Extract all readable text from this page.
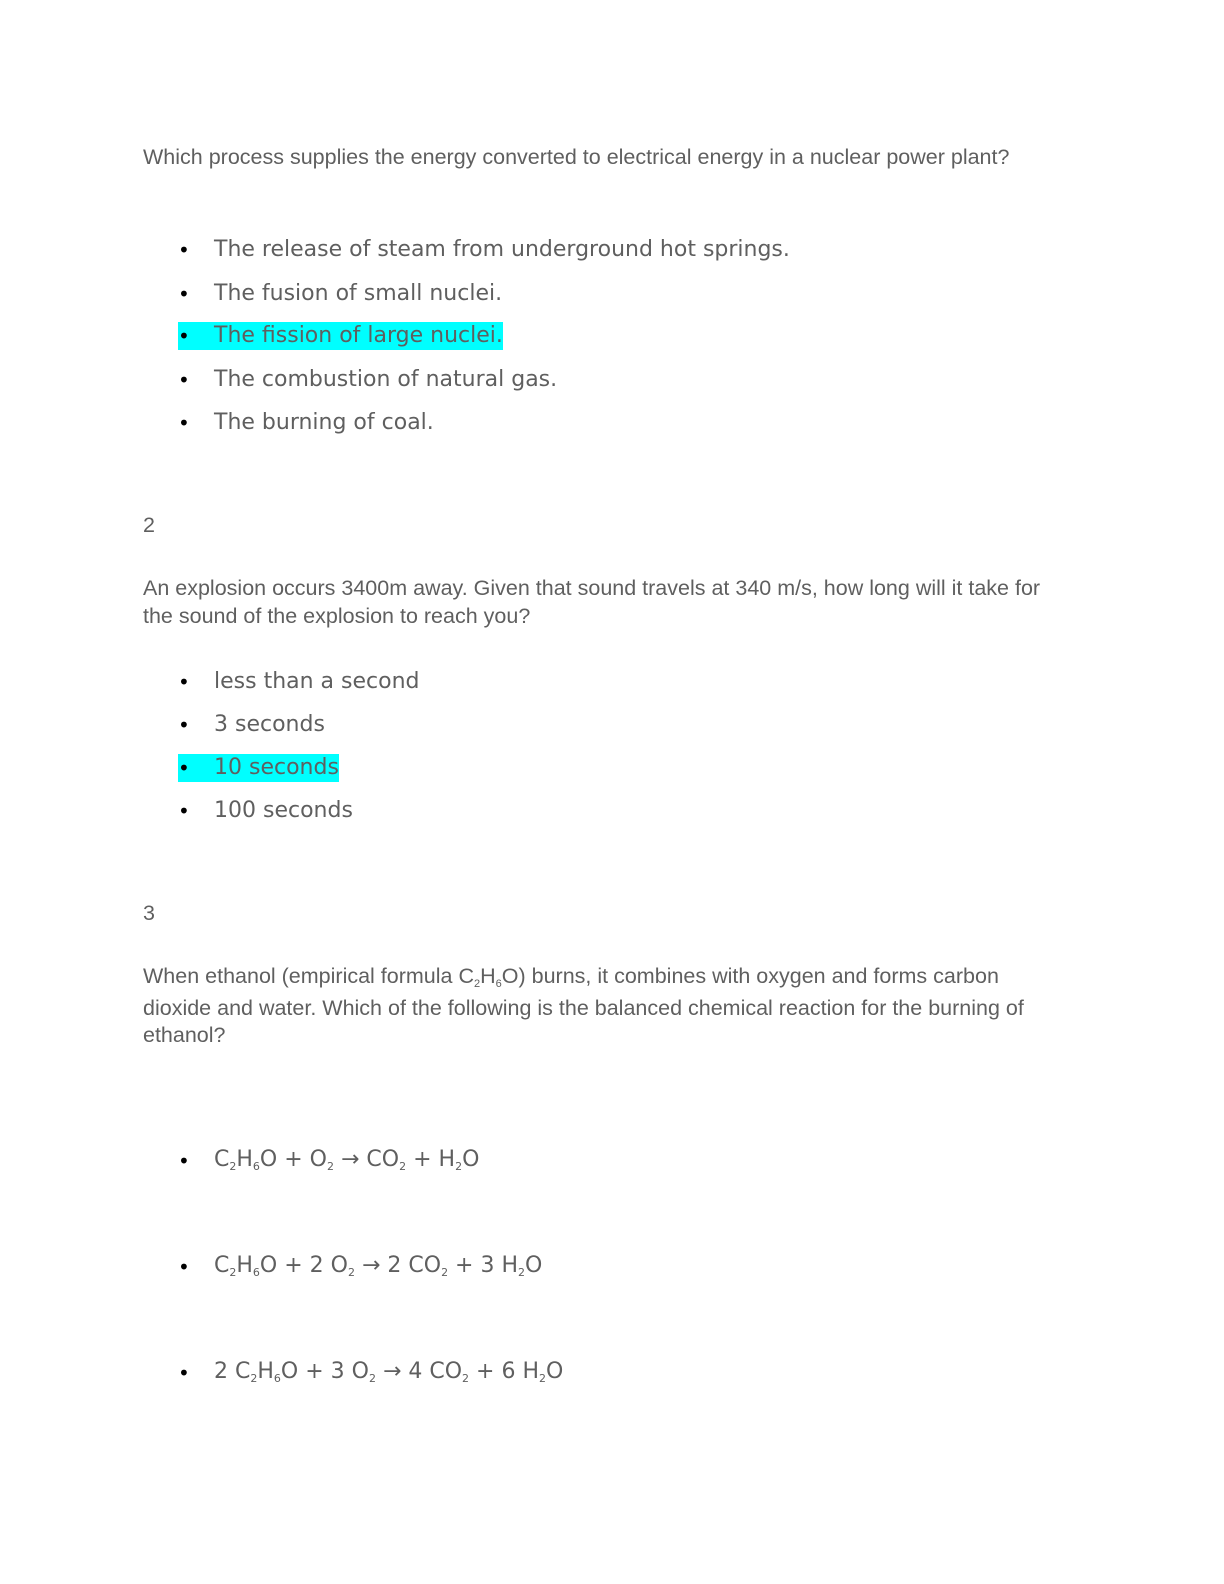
Which process supplies the energy converted to electrical energy in a nuclear power plant?

•	The release of steam from underground hot springs.
•	The fusion of small nuclei.
•	The fission of large nuclei.
•	The combustion of natural gas.
•	The burning of coal.
2

An explosion occurs 3400m away. Given that sound travels at 340 m/s, how long will it take for the sound of the explosion to reach you?

•	less than a second
•	3 seconds
•	10 seconds
•	100 seconds
3

When ethanol (empirical formula C2H6O) burns, it combines with oxygen and forms carbon dioxide and water. Which of the following is the balanced chemical reaction for the burning of ethanol?

•	C2H6O + O2 → CO2 + H2O
•	C2H6O + 2 O2 → 2 CO2 + 3 H2O
•	2 C2H6O + 3 O2 → 4 CO2 + 6 H2O
